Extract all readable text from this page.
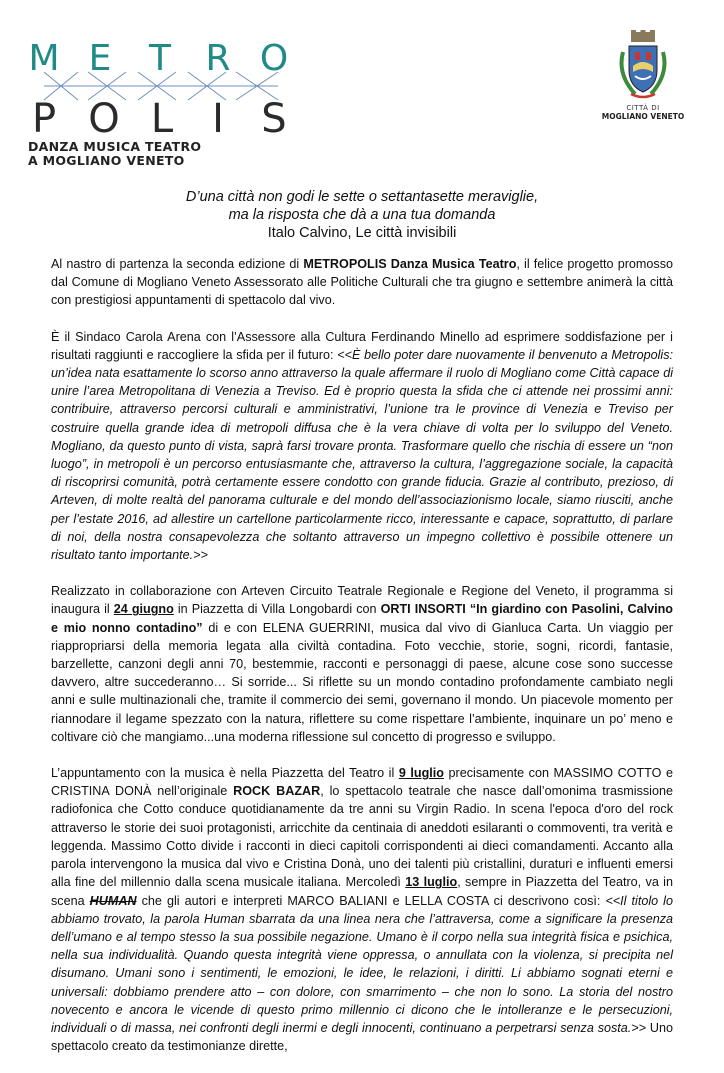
M E T R O
P O L I S
DANZA MUSICA TEATRO
A MOGLIANO VENETO
CITTÀ DI
MOGLIANO VENETO
D’una città non godi le sette o settantasette meraviglie,
ma la risposta che dà a una tua domanda
Italo Calvino, Le città invisibili

Al nastro di partenza la seconda edizione di METROPOLIS Danza Musica Teatro, il felice progetto promosso dal Comune di Mogliano Veneto Assessorato alle Politiche Culturali che tra giugno e settembre animerà la città con prestigiosi appuntamenti di spettacolo dal vivo.

È il Sindaco Carola Arena con l’Assessore alla Cultura Ferdinando Minello ad esprimere soddisfazione per i risultati raggiunti e raccogliere la sfida per il futuro: <<È bello poter dare nuovamente il benvenuto a Metropolis: un’idea nata esattamente lo scorso anno attraverso la quale affermare il ruolo di Mogliano come Città capace di unire l’area Metropolitana di Venezia a Treviso. Ed è proprio questa la sfida che ci attende nei prossimi anni: contribuire, attraverso percorsi culturali e amministrativi, l’unione tra le province di Venezia e Treviso per costruire quella grande idea di metropoli diffusa che è la vera chiave di volta per lo sviluppo del Veneto. Mogliano, da questo punto di vista, saprà farsi trovare pronta. Trasformare quello che rischia di essere un “non luogo”, in metropoli è un percorso entusiasmante che, attraverso la cultura, l’aggregazione sociale, la capacità di riscoprirsi comunità, potrà certamente essere condotto con grande fiducia. Grazie al contributo, prezioso, di Arteven, di molte realtà del panorama culturale e del mondo dell’associazionismo locale, siamo riusciti, anche per l’estate 2016, ad allestire un cartellone particolarmente ricco, interessante e capace, soprattutto, di parlare di noi, della nostra consapevolezza che soltanto attraverso un impegno collettivo è possibile ottenere un risultato tanto importante.>>

Realizzato in collaborazione con Arteven Circuito Teatrale Regionale e Regione del Veneto, il programma si inaugura il 24 giugno in Piazzetta di Villa Longobardi con ORTI INSORTI “In giardino con Pasolini, Calvino e mio nonno contadino” di e con ELENA GUERRINI, musica dal vivo di Gianluca Carta. Un viaggio per riappropriarsi della memoria legata alla civiltà contadina. Foto vecchie, storie, sogni, ricordi, fantasie, barzellette, canzoni degli anni 70, bestemmie, racconti e personaggi di paese, alcune cose sono successe davvero, altre succederanno… Si sorride... Si riflette su un mondo contadino profondamente cambiato negli anni e sulle multinazionali che, tramite il commercio dei semi, governano il mondo. Un piacevole momento per riannodare il legame spezzato con la natura, riflettere su come rispettare l’ambiente, inquinare un po’ meno e coltivare ciò che mangiamo...una moderna riflessione sul concetto di progresso e sviluppo.

L’appuntamento con la musica è nella Piazzetta del Teatro il 9 luglio precisamente con MASSIMO COTTO e CRISTINA DONÀ nell’originale ROCK BAZAR, lo spettacolo teatrale che nasce dall’omonima trasmissione radiofonica che Cotto conduce quotidianamente da tre anni su Virgin Radio. In scena l'epoca d'oro del rock attraverso le storie dei suoi protagonisti, arricchite da centinaia di aneddoti esilaranti o commoventi, tra verità e leggenda. Massimo Cotto divide i racconti in dieci capitoli corrispondenti ai dieci comandamenti. Accanto alla parola intervengono la musica dal vivo e Cristina Donà, uno dei talenti più cristallini, duraturi e influenti emersi alla fine del millennio dalla scena musicale italiana. Mercoledì 13 luglio, sempre in Piazzetta del Teatro, va in scena HUMAN che gli autori e interpreti MARCO BALIANI e LELLA COSTA ci descrivono così: <<Il titolo lo abbiamo trovato, la parola Human sbarrata da una linea nera che l’attraversa, come a significare la presenza dell’umano e al tempo stesso la sua possibile negazione. Umano è il corpo nella sua integrità fisica e psichica, nella sua individualità. Quando questa integrità viene oppressa, o annullata con la violenza, si precipita nel disumano. Umani sono i sentimenti, le emozioni, le idee, le relazioni, i diritti. Li abbiamo sognati eterni e universali: dobbiamo prendere atto – con dolore, con smarrimento – che non lo sono. La storia del nostro novecento e ancora le vicende di questo primo millennio ci dicono che le intolleranze e le persecuzioni, individuali o di massa, nei confronti degli inermi e degli innocenti, continuano a perpetrarsi senza sosta.>> Uno spettacolo creato da testimonianze dirette,
